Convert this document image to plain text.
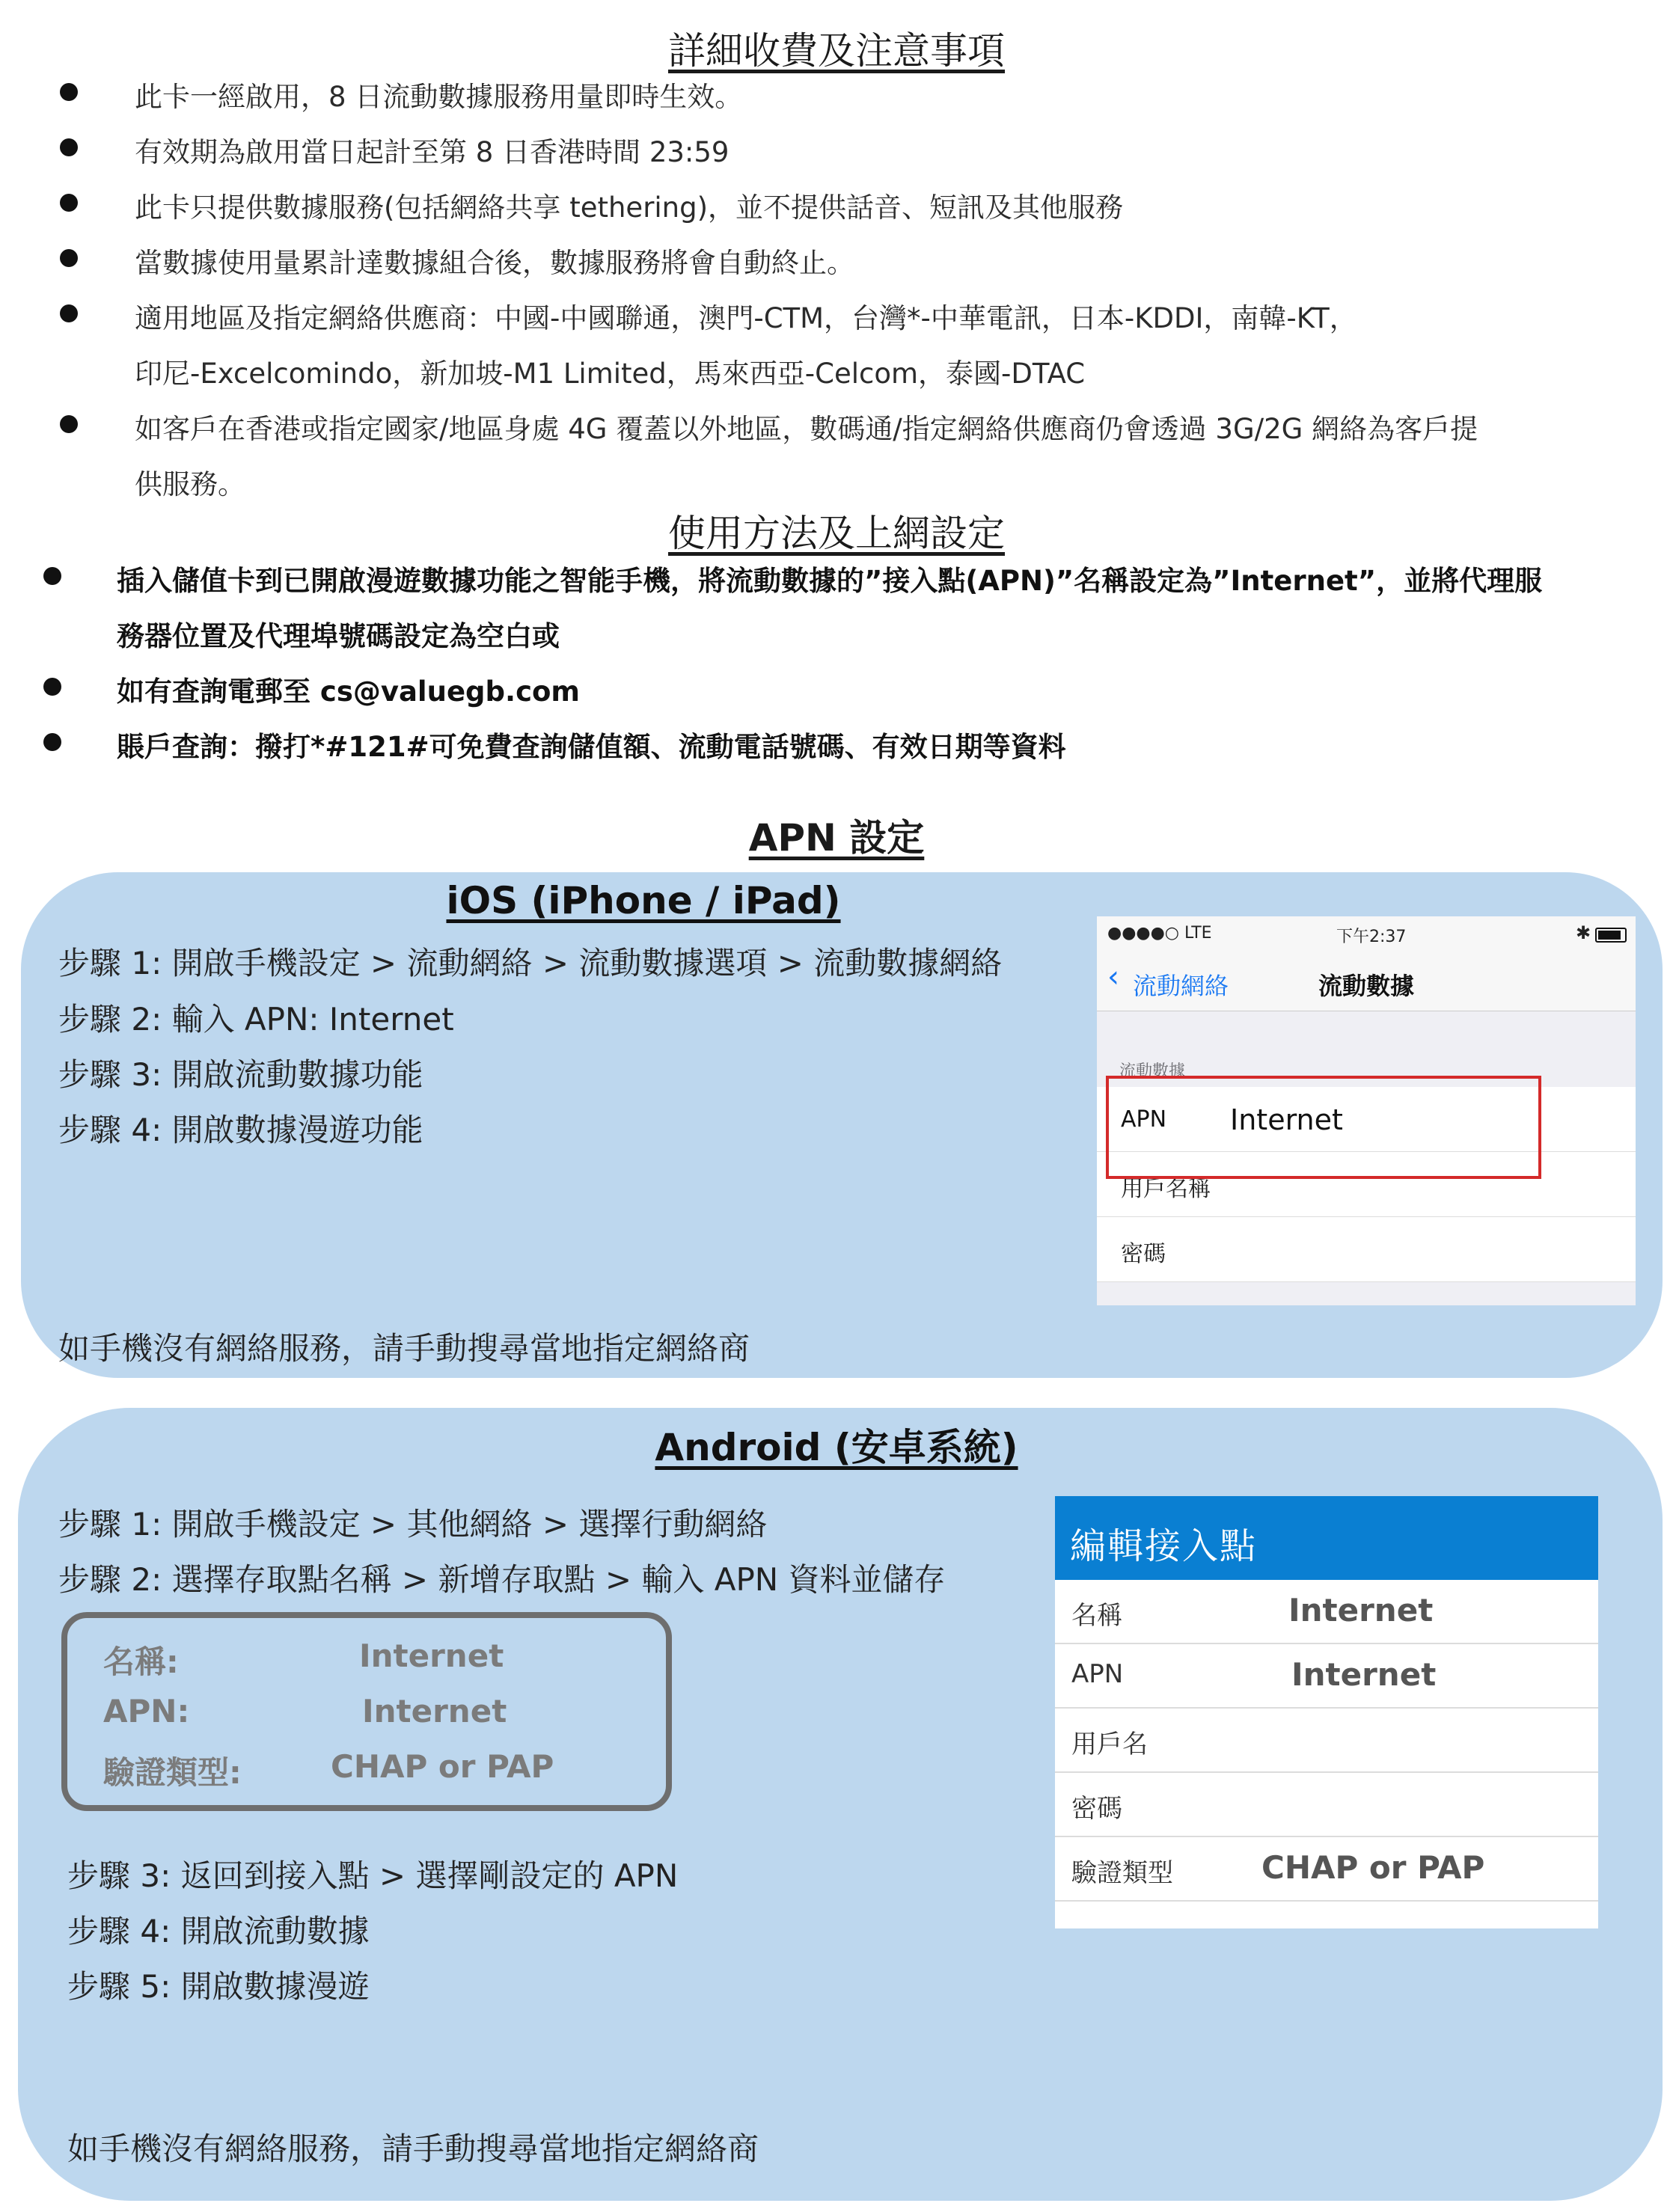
詳細收費及注意事項
此卡一經啟用，8 日流動數據服務用量即時生效。
有效期為啟用當日起計至第 8 日香港時間 23:59
此卡只提供數據服務(包括網絡共享 tethering)，並不提供話音、短訊及其他服務
當數據使用量累計達數據組合後，數據服務將會自動終止。
適用地區及指定網絡供應商：中國-中國聯通，澳門-CTM，台灣*-中華電訊，日本-KDDI，南韓-KT，
印尼-Excelcomindo，新加坡-M1 Limited，馬來西亞-Celcom，泰國-DTAC
如客戶在香港或指定國家/地區身處 4G 覆蓋以外地區，數碼通/指定網絡供應商仍會透過 3G/2G 網絡為客戶提
供服務。
使用方法及上網設定
插入儲值卡到已開啟漫遊數據功能之智能手機，將流動數據的”接入點(APN)”名稱設定為”Internet”，並將代理服
務器位置及代理埠號碼設定為空白或
如有查詢電郵至 cs@valuegb.com
賬戶查詢：撥打*#121#可免費查詢儲值額、流動電話號碼、有效日期等資料
APN 設定
iOS (iPhone / iPad)
步驟 1: 開啟手機設定 > 流動網絡 > 流動數據選項 > 流動數據網絡
步驟 2: 輸入 APN: Internet
步驟 3: 開啟流動數據功能
步驟 4: 開啟數據漫遊功能
如手機沒有網絡服務，請手動搜尋當地指定網絡商
●●●●○ LTE	下午2:37	✱
‹ 流動網絡	流動數據
流動數據
APN Internet
用戶名稱
密碼
Android (安卓系統)
步驟 1: 開啟手機設定 > 其他網絡 > 選擇行動網絡
步驟 2: 選擇存取點名稱 > 新增存取點 > 輸入 APN 資料並儲存
名稱:	Internet
APN:	Internet
驗證類型:	CHAP or PAP
步驟 3: 返回到接入點 > 選擇剛設定的 APN
步驟 4: 開啟流動數據
步驟 5: 開啟數據漫遊
如手機沒有網絡服務，請手動搜尋當地指定網絡商
編輯接入點
名稱	Internet
APN	Internet
用戶名
密碼
驗證類型	CHAP or PAP
